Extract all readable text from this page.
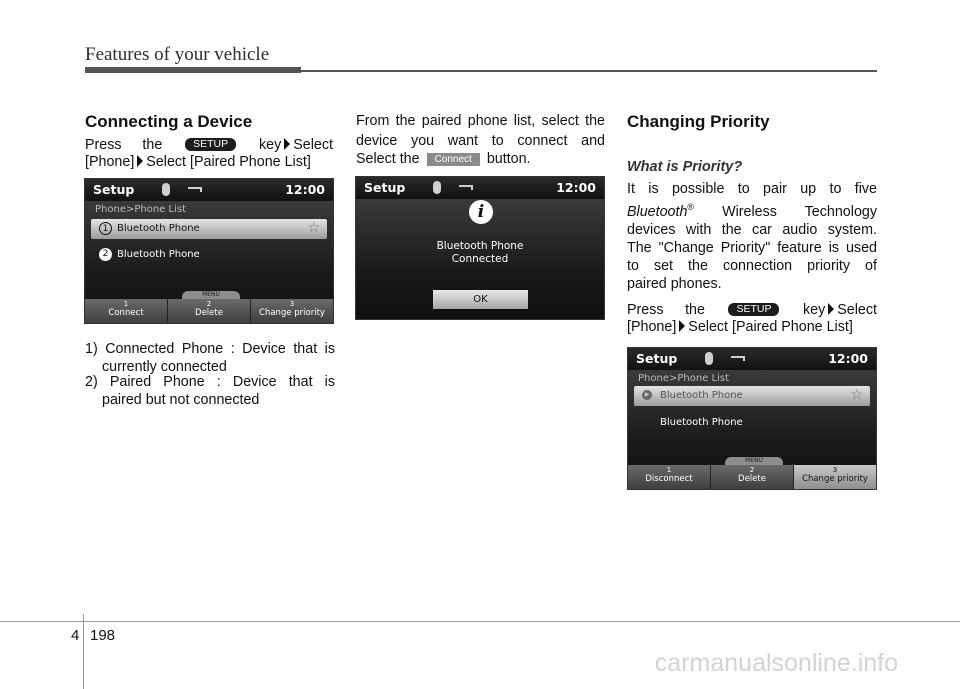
Features of your vehicle
Connecting a Device
Press the	SETUP key Select
[Phone] Select [Paired Phone List]
Setup	12:00
Phone>Phone List
1 Bluetooth Phone	☆
2 Bluetooth Phone
MENU
1
Connect
2
Delete
3
Change priority
1) Connected Phone : Device that is
currently connected
2) Paired Phone : Device that is
paired but not connected
From the paired phone list, select the
device you want to connect and
Select the Connect button.
Setup	12:00
i
Bluetooth Phone
Connected
OK
Changing Priority
What is Priority?
It is possible to pair up to five
Bluetooth® Wireless Technology
devices with the car audio system.
The "Change Priority" feature is used
to set the connection priority of
paired phones.
Press the	SETUP key Select
[Phone] Select [Paired Phone List]
Setup	12:00
Phone>Phone List
▶ Bluetooth Phone	☆
Bluetooth Phone
MENU
1
Disconnect
2
Delete
3
Change priority
4 198
carmanualsonline.info
